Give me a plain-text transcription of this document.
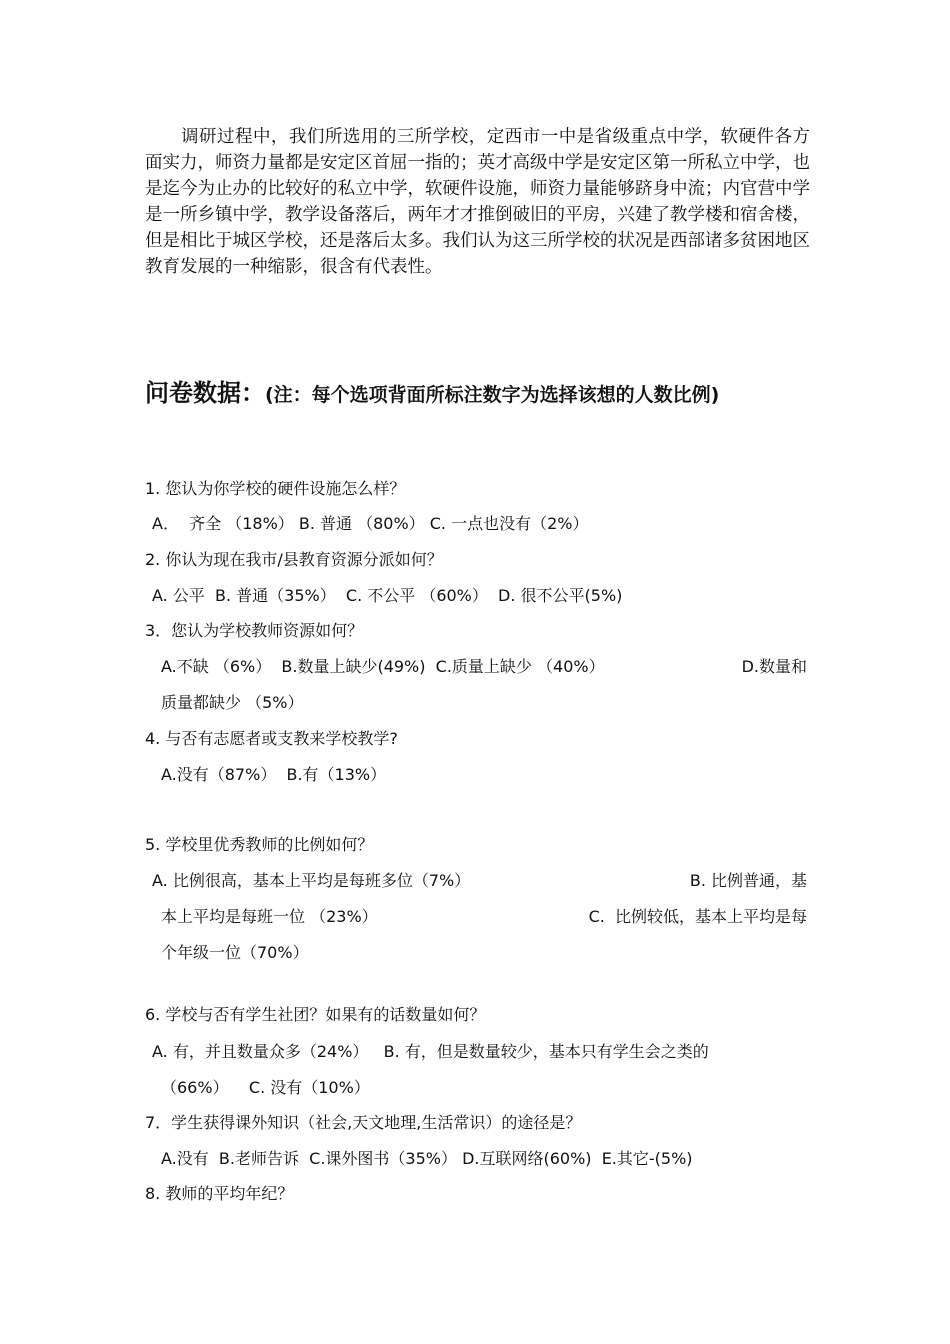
调研过程中，我们所选用的三所学校，定西市一中是省级重点中学，软硬件各方面实力，师资力量都是安定区首屈一指的；英才高级中学是安定区第一所私立中学，也是迄今为止办的比较好的私立中学，软硬件设施，师资力量能够跻身中流；内官营中学是一所乡镇中学，教学设备落后，两年才才推倒破旧的平房，兴建了教学楼和宿舍楼，但是相比于城区学校，还是落后太多。我们认为这三所学校的状况是西部诸多贫困地区教育发展的一种缩影，很含有代表性。

问卷数据：(注：每个选项背面所标注数字为选择该想的人数比例)

1. 您认为你学校的硬件设施怎么样？

A．  齐全 （18%） B. 普通 （80%） C. 一点也没有（2%）

2. 你认为现在我市/县教育资源分派如何？

A. 公平  B. 普通（35%）  C. 不公平 （60%）  D. 很不公平(5%)

3．您认为学校教师资源如何？

A.不缺 （6%）  B.数量上缺少(49%)  C.质量上缺少 （40%）	D.数量和

质量都缺少 （5%）

4. 与否有志愿者或支教来学校教学?

A.没有（87%）  B.有（13%）

5. 学校里优秀教师的比例如何？

A. 比例很高，基本上平均是每班多位（7%）	B. 比例普通，基

本上平均是每班一位 （23%）	C.  比例较低，基本上平均是每

个年级一位（70%）

6. 学校与否有学生社团？如果有的话数量如何？

A. 有，并且数量众多（24%）   B. 有，但是数量较少，基本只有学生会之类的

（66%）    C. 没有（10%）

7．学生获得课外知识（社会,天文地理,生活常识）的途径是？

A.没有  B.老师告诉  C.课外图书（35%） D.互联网络(60%)  E.其它-(5%)

8. 教师的平均年纪？
